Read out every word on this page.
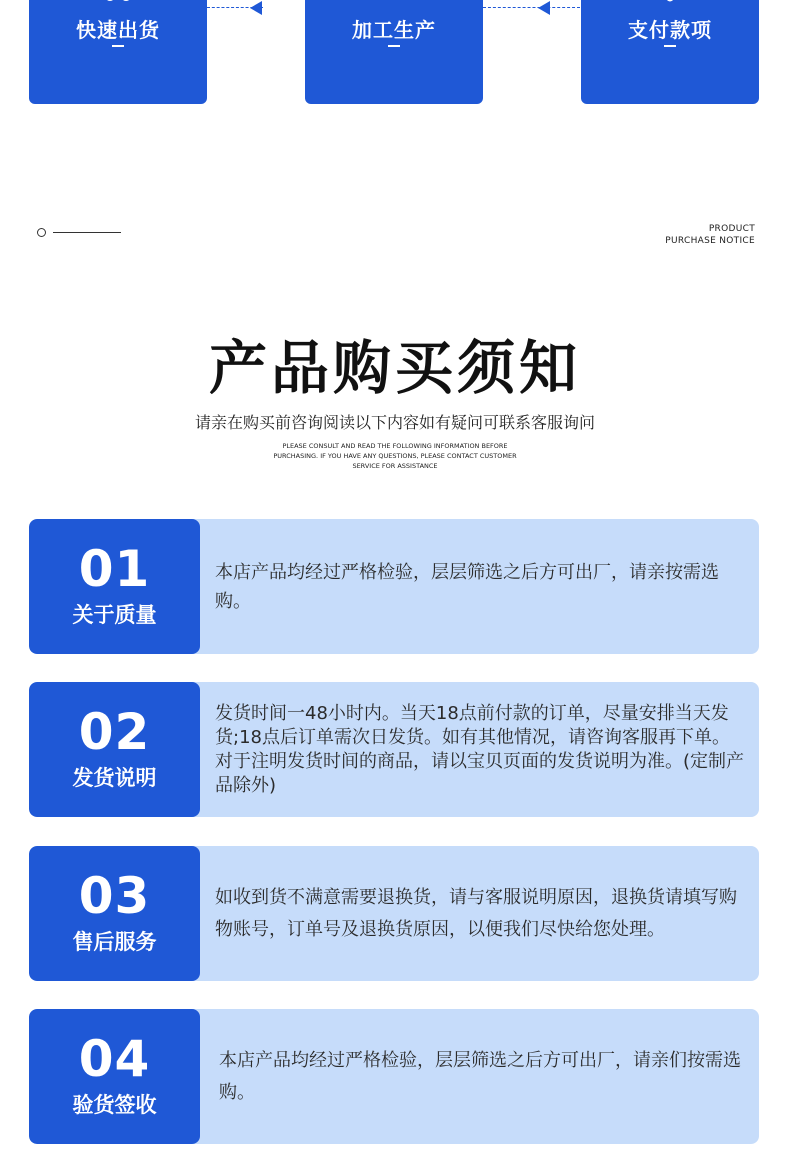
快速出货	加工生产	支付款项
PRODUCT
PURCHASE NOTICE
产品购买须知
请亲在购买前咨询阅读以下内容如有疑问可联系客服询问
PLEASE CONSULT AND READ THE FOLLOWING INFORMATION BEFORE
PURCHASING. IF YOU HAVE ANY QUESTIONS, PLEASE CONTACT CUSTOMER
SERVICE FOR ASSISTANCE
01
关于质量
本店产品均经过严格检验，层层筛选之后方可出厂，请亲按需选购。
02
发货说明
发货时间一48小时内。当天18点前付款的订单，尽量安排当天发货;18点后订单需次日发货。如有其他情况，请咨询客服再下单。对于注明发货时间的商品，请以宝贝页面的发货说明为准。(定制产品除外)
03
售后服务
如收到货不满意需要退换货，请与客服说明原因，退换货请填写购物账号，订单号及退换货原因，以便我们尽快给您处理。
04
验货签收
本店产品均经过严格检验，层层筛选之后方可出厂，请亲们按需选购。
